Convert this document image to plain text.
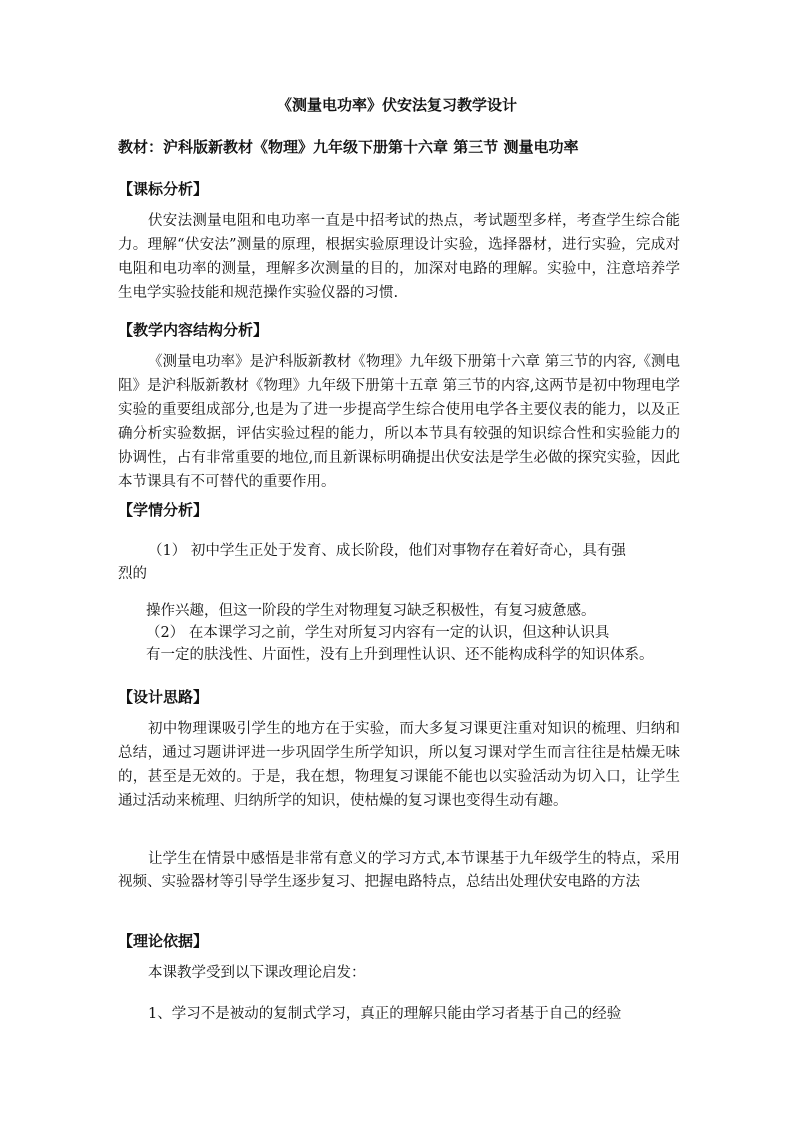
《测量电功率》伏安法复习教学设计
教材：沪科版新教材《物理》九年级下册第十六章 第三节 测量电功率
【课标分析】
伏安法测量电阻和电功率一直是中招考试的热点，考试题型多样，考查学生综合能力。理解“伏安法”测量的原理，根据实验原理设计实验，选择器材，进行实验，完成对电阻和电功率的测量，理解多次测量的目的，加深对电路的理解。实验中，注意培养学生电学实验技能和规范操作实验仪器的习惯.
【教学内容结构分析】
《测量电功率》是沪科版新教材《物理》九年级下册第十六章 第三节的内容,《测电阻》是沪科版新教材《物理》九年级下册第十五章 第三节的内容,这两节是初中物理电学实验的重要组成部分,也是为了进一步提高学生综合使用电学各主要仪表的能力，以及正确分析实验数据，评估实验过程的能力，所以本节具有较强的知识综合性和实验能力的协调性，占有非常重要的地位,而且新课标明确提出伏安法是学生必做的探究实验，因此本节课具有不可替代的重要作用。
【学情分析】
（1） 初中学生正处于发育、成长阶段，他们对事物存在着好奇心，具有强
烈的
操作兴趣，但这一阶段的学生对物理复习缺乏积极性，有复习疲惫感。
（2） 在本课学习之前，学生对所复习内容有一定的认识，但这种认识具
有一定的肤浅性、片面性，没有上升到理性认识、还不能构成科学的知识体系。
【设计思路】
初中物理课吸引学生的地方在于实验，而大多复习课更注重对知识的梳理、归纳和总结，通过习题讲评进一步巩固学生所学知识，所以复习课对学生而言往往是枯燥无味的，甚至是无效的。于是，我在想，物理复习课能不能也以实验活动为切入口，让学生通过活动来梳理、归纳所学的知识，使枯燥的复习课也变得生动有趣。
让学生在情景中感悟是非常有意义的学习方式,本节课基于九年级学生的特点，采用视频、实验器材等引导学生逐步复习、把握电路特点，总结出处理伏安电路的方法
【理论依据】
本课教学受到以下课改理论启发：
1、学习不是被动的复制式学习，真正的理解只能由学习者基于自己的经验
